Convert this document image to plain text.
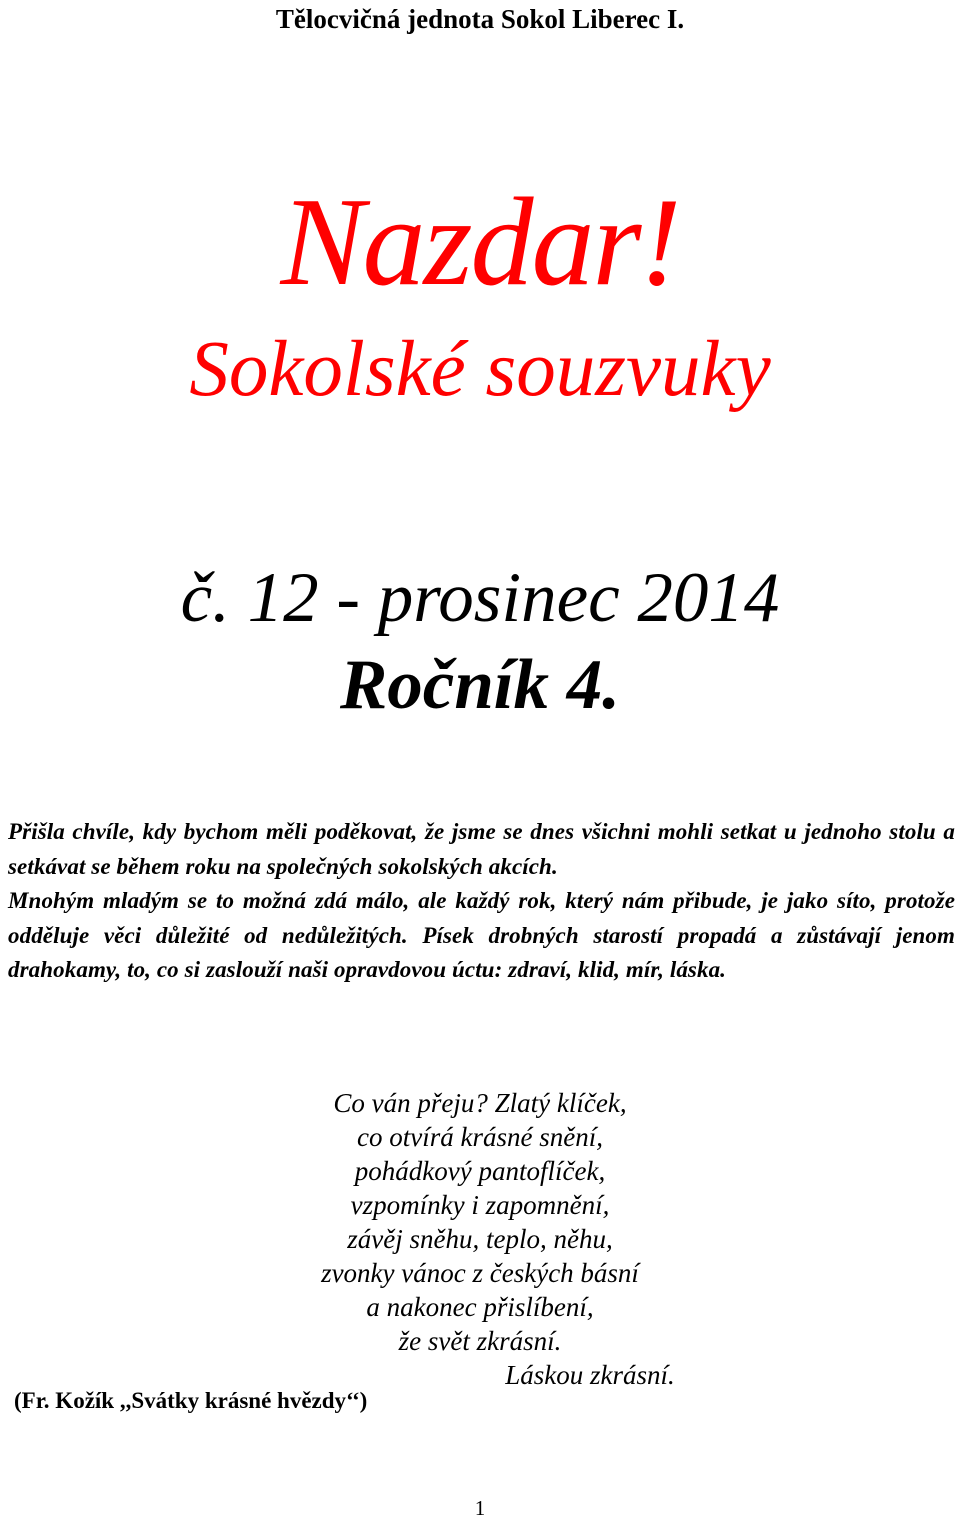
Tělocvičná jednota Sokol Liberec I.
Nazdar!
Sokolské souzvuky
č. 12 - prosinec 2014
Ročník 4.

Přišla chvíle, kdy bychom měli poděkovat, že jsme se dnes všichni mohli setkat u jednoho stolu a setkávat se během roku na společných sokolských akcích.

Mnohým mladým se to možná zdá málo, ale každý rok, který nám přibude, je jako síto, protože odděluje věci důležité od nedůležitých. Písek drobných starostí propadá a zůstávají jenom drahokamy, to, co si zaslouží naši opravdovou úctu: zdraví, klid, mír, láska.

Co ván přeju? Zlatý klíček,
co otvírá krásné snění,
pohádkový pantoflíček,
vzpomínky i zapomnění,
závěj sněhu, teplo, něhu,
zvonky vánoc z českých básní
a nakonec přislíbení,
že svět zkrásní.
Láskou zkrásní.
(Fr. Kožík ,,Svátky krásné hvězdy‘‘)
1
